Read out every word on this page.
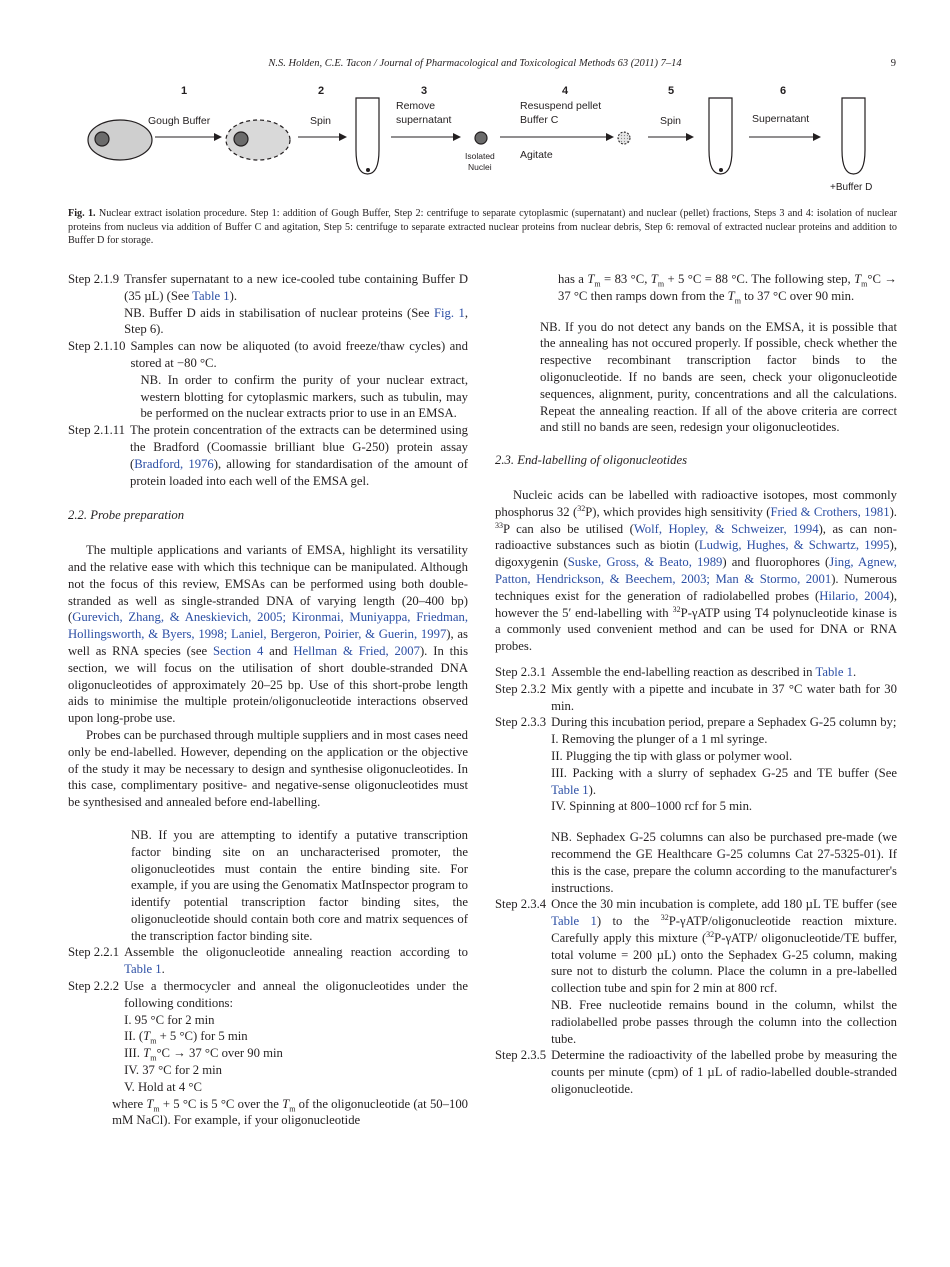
N.S. Holden, C.E. Tacon / Journal of Pharmacological and Toxicological Methods 63 (2011) 7–14	9
1	2	3	4	5	6
Gough Buffer	Spin
Remove
supernatant
Isolated
Nuclei
Resuspend pellet
Buffer C
Agitate
Spin	Supernatant
+Buffer D
Fig. 1. Nuclear extract isolation procedure. Step 1: addition of Gough Buffer, Step 2: centrifuge to separate cytoplasmic (supernatant) and nuclear (pellet) fractions, Steps 3 and 4: isolation of nuclear proteins from nucleus via addition of Buffer C and agitation, Step 5: centrifuge to separate extracted nuclear proteins from nuclear debris, Step 6: removal of extracted nuclear proteins and addition to Buffer D for storage.
Step 2.1.9 Transfer supernatant to a new ice-cooled tube containing Buffer D (35 µL) (See Table 1).
NB. Buffer D aids in stabilisation of nuclear proteins (See Fig. 1, Step 6).
Step 2.1.10 Samples can now be aliquoted (to avoid freeze/thaw cycles) and stored at −80 °C.
NB. In order to confirm the purity of your nuclear extract, western blotting for cytoplasmic markers, such as tubulin, may be performed on the nuclear extracts prior to use in an EMSA.
Step 2.1.11 The protein concentration of the extracts can be determined using the Bradford (Coomassie brilliant blue G-250) protein assay (Bradford, 1976), allowing for standardisation of the amount of protein loaded into each well of the EMSA gel.

2.2. Probe preparation

The multiple applications and variants of EMSA, highlight its versatility and the relative ease with which this technique can be manipulated. Although not the focus of this review, EMSAs can be performed using both double-stranded as well as single-stranded DNA of varying length (20–400 bp) (Gurevich, Zhang, & Aneskievich, 2005; Kironmai, Muniyappa, Friedman, Hollingsworth, & Byers, 1998; Laniel, Bergeron, Poirier, & Guerin, 1997), as well as RNA species (see Section 4 and Hellman & Fried, 2007). In this section, we will focus on the utilisation of short double-stranded DNA oligonucleotides of approximately 20–25 bp. Use of this short-probe length aids to minimise the multiple protein/oligonucleotide interactions observed upon long-probe use.

Probes can be purchased through multiple suppliers and in most cases need only be end-labelled. However, depending on the application or the objective of the study it may be necessary to design and synthesise oligonucleotides. In this case, complimentary positive- and negative-sense oligonucleotides must be synthesised and annealed before end-labelling.

NB. If you are attempting to identify a putative transcription factor binding site on an uncharacterised promoter, the oligonucleotides must contain the entire binding site. For example, if you are using the Genomatix MatInspector program to identify potential transcription factor binding sites, the oligonucleotide should contain both core and matrix sequences of the transcription factor binding site.

Step 2.2.1 Assemble the oligonucleotide annealing reaction according to Table 1.
Step 2.2.2 Use a thermocycler and anneal the oligonucleotides under the following conditions:
I. 95 °C for 2 min
II. ($T_m + 5$ °C) for 5 min
III. $T_m^\circ C \to 37$ °C over 90 min
IV. 37 °C for 2 min
V. Hold at 4 °C
where $T_m + 5$ °C is 5 °C over the $T_m$ of the oligonucleotide (at 50–100 mM NaCl). For example, if your oligonucleotide

has a $T_m = 83$ °C, $T_m + 5$ °C = 88 °C. The following step, $T_m^\circ C \to 37$ °C then ramps down from the $T_m$ to 37 °C over 90 min.

NB. If you do not detect any bands on the EMSA, it is possible that the annealing has not occured properly. If possible, check whether the respective recombinant transcription factor binds to the oligonucleotide. If no bands are seen, check your oligonucleotide sequences, alignment, purity, concentrations and all the calculations. Repeat the annealing reaction. If all of the above criteria are correct and still no bands are seen, redesign your oligonucleotides.

2.3. End-labelling of oligonucleotides

Nucleic acids can be labelled with radioactive isotopes, most commonly phosphorus 32 ($^{32}$P), which provides high sensitivity (Fried & Crothers, 1981). $^{33}$P can also be utilised (Wolf, Hopley, & Schweizer, 1994), as can non-radioactive substances such as biotin (Ludwig, Hughes, & Schwartz, 1995), digoxygenin (Suske, Gross, & Beato, 1989) and fluorophores (Jing, Agnew, Patton, Hendrickson, & Beechem, 2003; Man & Stormo, 2001). Numerous techniques exist for the generation of radiolabelled probes (Hilario, 2004), however the 5′ end-labelling with $^{32}$P-γATP using T4 polynucleotide kinase is a commonly used convenient method and can be used for DNA or RNA probes.

Step 2.3.1 Assemble the end-labelling reaction as described in Table 1.
Step 2.3.2 Mix gently with a pipette and incubate in 37 °C water bath for 30 min.
Step 2.3.3 During this incubation period, prepare a Sephadex G-25 column by;
I. Removing the plunger of a 1 ml syringe.
II. Plugging the tip with glass or polymer wool.
III. Packing with a slurry of sephadex G-25 and TE buffer (See Table 1).
IV. Spinning at 800–1000 rcf for 5 min.
NB. Sephadex G-25 columns can also be purchased pre-made (we recommend the GE Healthcare G-25 columns Cat 27-5325-01). If this is the case, prepare the column according to the manufacturer's instructions.
Step 2.3.4 Once the 30 min incubation is complete, add 180 µL TE buffer (see Table 1) to the $^{32}$P-γATP/oligonucleotide reaction mixture. Carefully apply this mixture ($^{32}$P-γATP/ oligonucleotide/TE buffer, total volume = 200 µL) onto the Sephadex G-25 column, making sure not to disturb the column. Place the column in a pre-labelled collection tube and spin for 2 min at 800 rcf.
NB. Free nucleotide remains bound in the column, whilst the radiolabelled probe passes through the column into the collection tube.
Step 2.3.5 Determine the radioactivity of the labelled probe by measuring the counts per minute (cpm) of 1 µL of radio-labelled double-stranded oligonucleotide.
